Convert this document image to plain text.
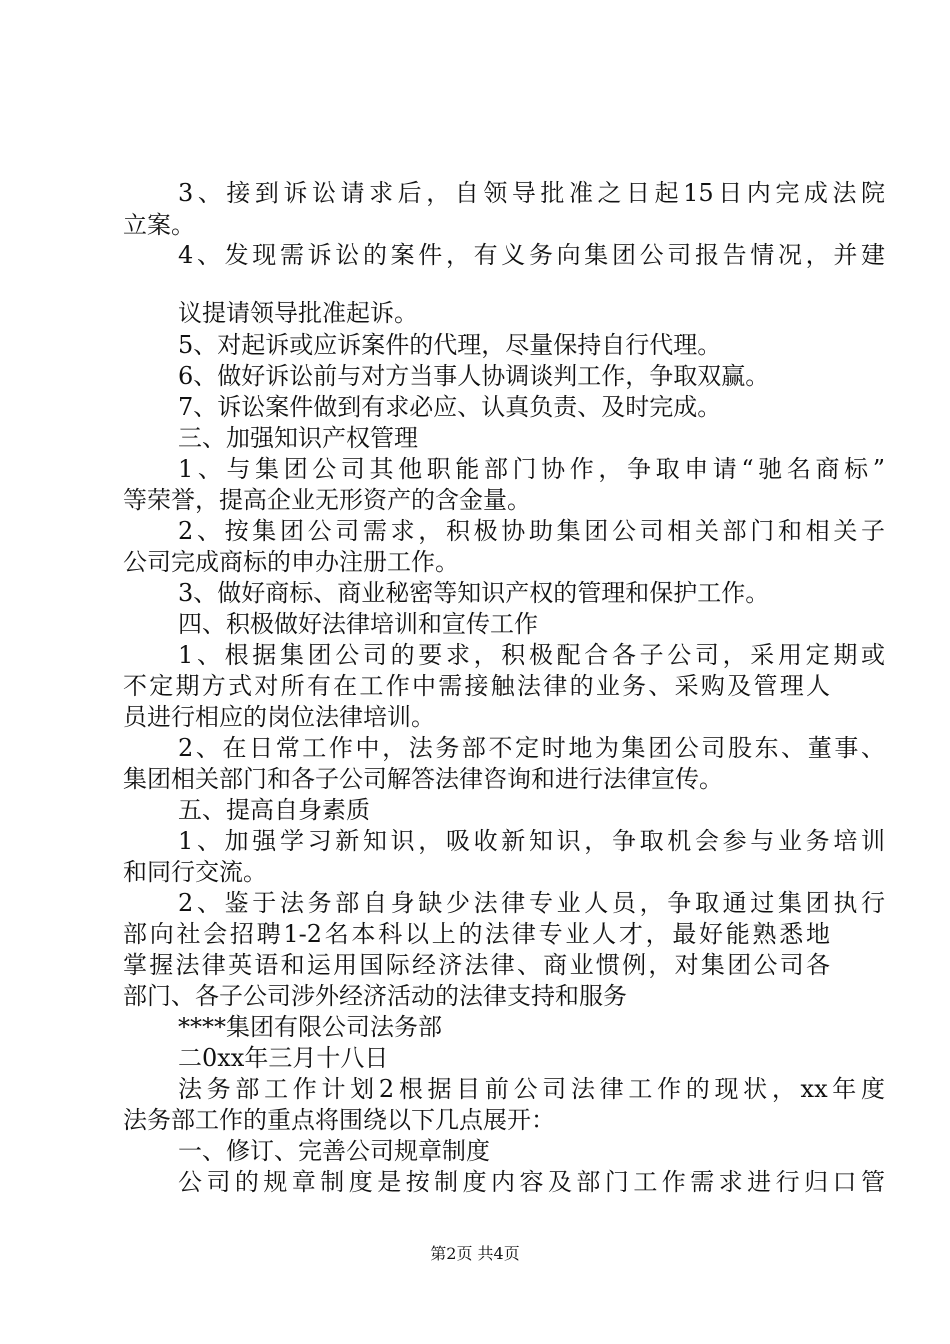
3、接到诉讼请求后，自领导批准之日起15日内完成法院
立案。
4、发现需诉讼的案件，有义务向集团公司报告情况，并建
议提请领导批准起诉。
5、对起诉或应诉案件的代理，尽量保持自行代理。
6、做好诉讼前与对方当事人协调谈判工作，争取双赢。
7、诉讼案件做到有求必应、认真负责、及时完成。
三、加强知识产权管理
1、与集团公司其他职能部门协作，争取申请“驰名商标”
等荣誉，提高企业无形资产的含金量。
2、按集团公司需求，积极协助集团公司相关部门和相关子
公司完成商标的申办注册工作。
3、做好商标、商业秘密等知识产权的管理和保护工作。
四、积极做好法律培训和宣传工作
1、根据集团公司的要求，积极配合各子公司，采用定期或
不定期方式对所有在工作中需接触法律的业务、采购及管理人
员进行相应的岗位法律培训。
2、在日常工作中，法务部不定时地为集团公司股东、董事、
集团相关部门和各子公司解答法律咨询和进行法律宣传。
五、提高自身素质
1、加强学习新知识，吸收新知识，争取机会参与业务培训
和同行交流。
2、鉴于法务部自身缺少法律专业人员，争取通过集团执行
部向社会招聘1-2名本科以上的法律专业人才，最好能熟悉地
掌握法律英语和运用国际经济法律、商业惯例，对集团公司各
部门、各子公司涉外经济活动的法律支持和服务
****集团有限公司法务部
二0xx年三月十八日
法务部工作计划2根据目前公司法律工作的现状，xx年度
法务部工作的重点将围绕以下几点展开：
一、修订、完善公司规章制度
公司的规章制度是按制度内容及部门工作需求进行归口管
第2页 共4页
